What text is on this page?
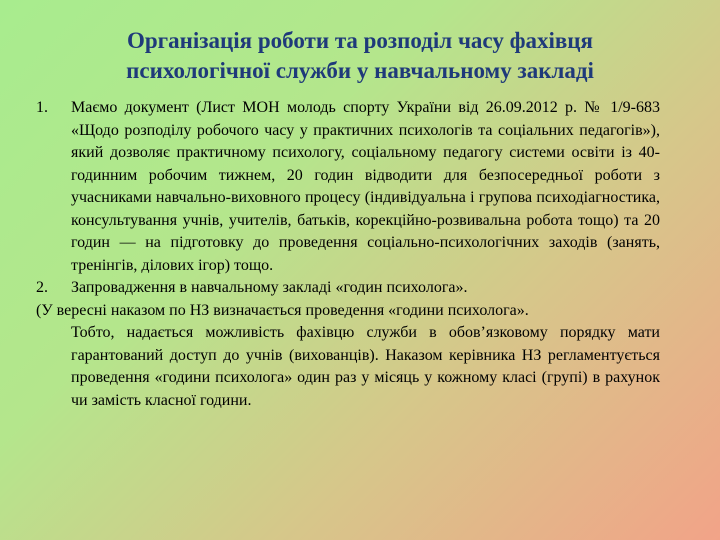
Організація роботи та розподіл часу фахівця
психологічної служби у навчальному закладі
1. Маємо документ (Лист МОН молодь спорту України від 26.09.2012 р. № 1/9-683 «Щодо розподілу робочого часу у практичних психологів та соціальних педагогів»), який дозволяє практичному психологу, соціальному педагогу системи освіти із 40-годинним робочим тижнем, 20 годин відводити для безпосередньої роботи з учасниками навчально-виховного процесу (індивідуальна і групова психодіагностика, консультування учнів, учителів, батьків, корекційно-розвивальна робота тощо) та 20 годин — на підготовку до проведення соціально-психологічних заходів (занять, тренінгів, ділових ігор) тощо.
2. Запровадження в навчальному закладі «годин психолога».
(У вересні наказом по НЗ визначається проведення «години психолога».
Тобто, надається можливість фахівцю служби в обов’язковому порядку мати гарантований доступ до учнів (вихованців). Наказом керівника НЗ регламентується проведення «години психолога» один раз у місяць у кожному класі (групі) в рахунок чи замість класної години.
